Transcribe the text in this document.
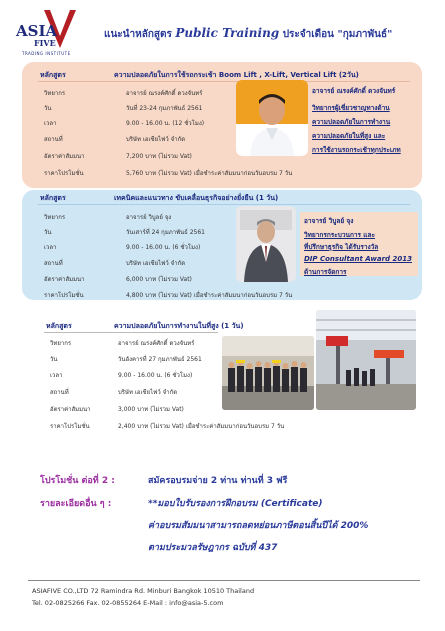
ASIA
FIVE
TRADING INSTITUTE
แนะนำหลักสูตร Public Training ประจำเดือน "กุมภาพันธ์"
หลักสูตร	ความปลอดภัยในการใช้รถกระเช้า Boom Lift , X-Lift, Vertical Lift (2วัน)
วิทยากร	อาจารย์ ณรงค์ศักดิ์ ดวงจันทร์
วัน	วันที่ 23-24 กุมภาพันธ์ 2561
เวลา	9.00 - 16.00 น. (12 ชั่วโมง)
สถานที่	บริษัท เอเชียไฟว์ จำกัด
อัตราค่าสัมมนา	7,200 บาท (ไม่รวม Vat)
ราคาโปรโมชั่น	5,760 บาท (ไม่รวม Vat) เมื่อชำระค่าสัมมนาก่อนวันอบรม 7 วัน
อาจารย์ ณรงค์ศักดิ์ ดวงจันทร์
วิทยากรผู้เชี่ยวชาญทางด้าน
ความปลอดภัยในการทำงาน
ความปลอดภัยในที่สูง และ
การใช้งานรถกระเช้าทุกประเภท
หลักสูตร	เทคนิคและแนวทาง ขับเคลื่อนธุรกิจอย่างยั่งยืน (1 วัน)
วิทยากร	อาจารย์ วิบูลย์ จุง
วัน	วันเสาร์ที่ 24 กุมภาพันธ์ 2561
เวลา	9.00 - 16.00 น. (6 ชั่วโมง)
สถานที่	บริษัท เอเชียไฟว์ จำกัด
อัตราค่าสัมมนา	6,000 บาท (ไม่รวม Vat)
ราคาโปรโมชั่น	4,800 บาท (ไม่รวม Vat) เมื่อชำระค่าสัมมนาก่อนวันอบรม 7 วัน
อาจารย์ วิบูลย์ จุง
วิทยากรกระบวนการ และ
ที่ปรึกษาธุรกิจ ได้รับรางวัล
DIP Consultant Award 2013
ด้านการจัดการ
หลักสูตร	ความปลอดภัยในการทำงานในที่สูง (1 วัน)
วิทยากร	อาจารย์ ณรงค์ศักดิ์ ดวงจันทร์
วัน	วันอังคารที่ 27 กุมภาพันธ์ 2561
เวลา	9.00 - 16.00 น. (6 ชั่วโมง)
สถานที่	บริษัท เอเชียไฟว์ จำกัด
อัตราค่าสัมมนา	3,000 บาท (ไม่รวม Vat)
ราคาโปรโมชั่น	2,400 บาท (ไม่รวม Vat) เมื่อชำระค่าสัมมนาก่อนวันอบรม 7 วัน
โปรโมชั่น ต่อที่ 2 :	สมัครอบรมจ่าย 2 ท่าน ท่านที่ 3 ฟรี
รายละเอียดอื่น ๆ :	**มอบใบรับรองการฝึกอบรม (Certificate)
ค่าอบรมสัมมนาสามารถลดหย่อนภาษีตอนสิ้นปีได้ 200%
ตามประมวลรัษฎากร ฉบับที่ 437
ASIAFIVE CO.,LTD 72 Ramindra Rd. Minburi Bangkok 10510 Thailand
Tel. 02-0825266 Fax. 02-0855264 E-Mail : info@asia-5.com
